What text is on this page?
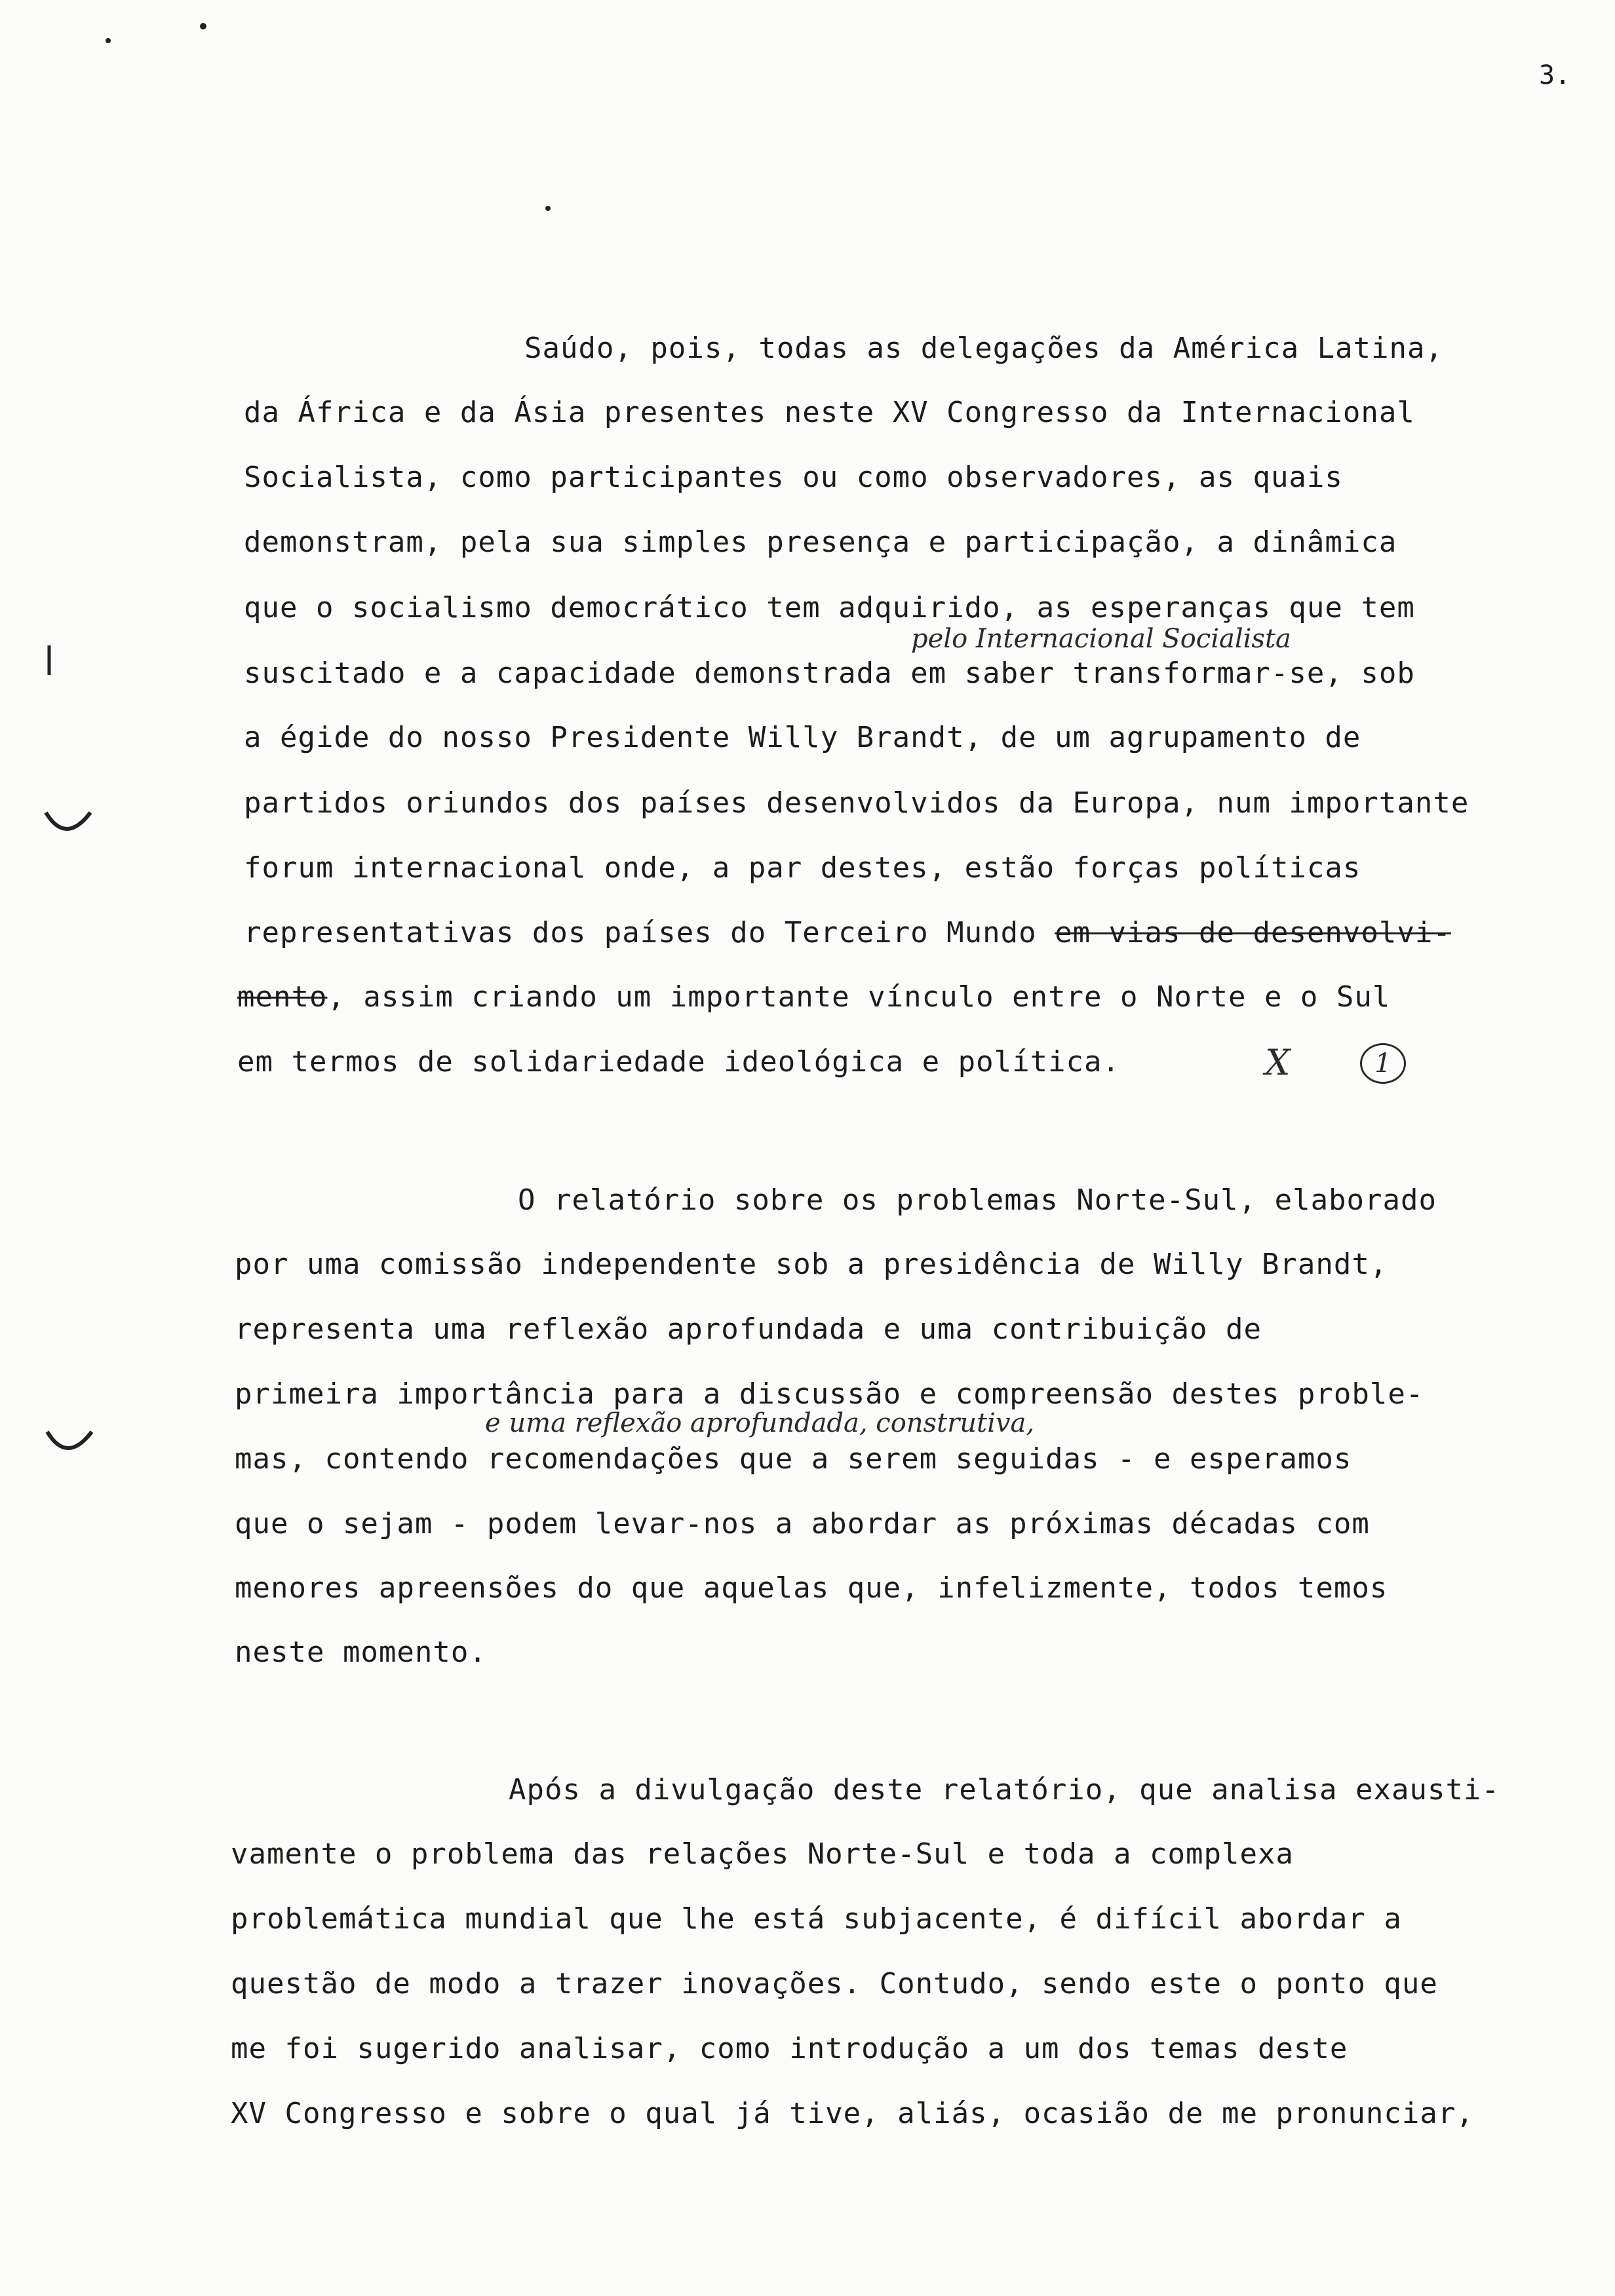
3.
Saúdo, pois, todas as delegações da América Latina,
da África e da Ásia presentes neste XV Congresso da Internacional
Socialista, como participantes ou como observadores, as quais
demonstram, pela sua simples presença e participação, a dinâmica
que o socialismo democrático tem adquirido, as esperanças que tem
pelo Internacional Socialista
suscitado e a capacidade demonstrada em saber transformar-se, sob
a égide do nosso Presidente Willy Brandt, de um agrupamento de
partidos oriundos dos países desenvolvidos da Europa, num importante
forum internacional onde, a par destes, estão forças políticas
representativas dos países do Terceiro Mundo em vias de desenvolvi-
mento, assim criando um importante vínculo entre o Norte e o Sul
em termos de solidariedade ideológica e política.	X	1
O relatório sobre os problemas Norte-Sul, elaborado
por uma comissão independente sob a presidência de Willy Brandt,
representa uma reflexão aprofundada e uma contribuição de
primeira importância para a discussão e compreensão destes proble-
e uma reflexão aprofundada, construtiva,
mas, contendo recomendações que a serem seguidas - e esperamos
que o sejam - podem levar-nos a abordar as próximas décadas com
menores apreensões do que aquelas que, infelizmente, todos temos
neste momento.
Após a divulgação deste relatório, que analisa exausti-
vamente o problema das relações Norte-Sul e toda a complexa
problemática mundial que lhe está subjacente, é difícil abordar a
questão de modo a trazer inovações. Contudo, sendo este o ponto que
me foi sugerido analisar, como introdução a um dos temas deste
XV Congresso e sobre o qual já tive, aliás, ocasião de me pronunciar,
